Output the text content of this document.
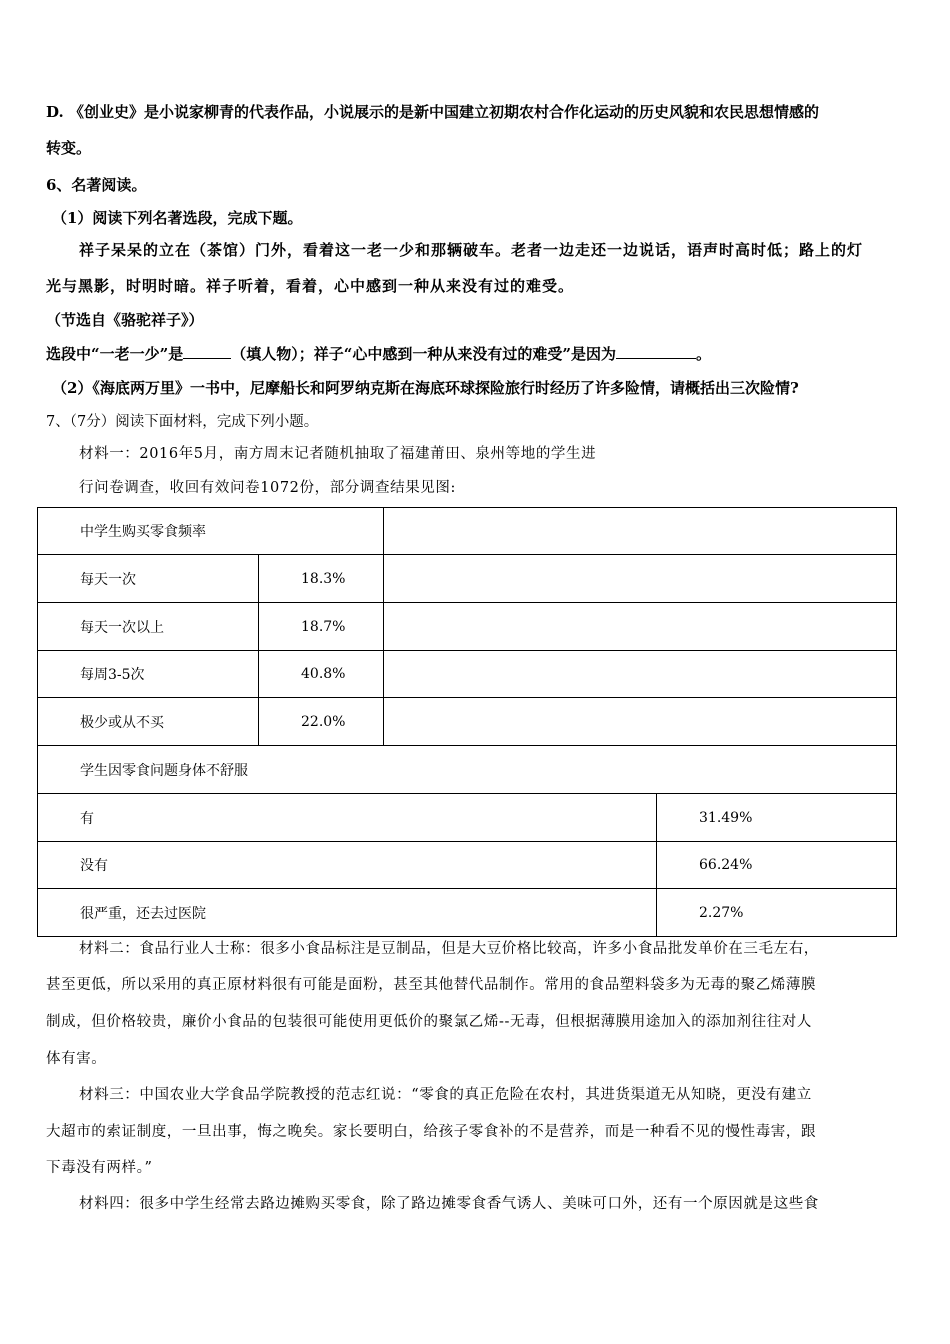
D. 《创业史》是小说家柳青的代表作品，小说展示的是新中国建立初期农村合作化运动的历史风貌和农民思想情感的
转变。
6、名著阅读。
（1）阅读下列名著选段，完成下题。
祥子呆呆的立在（茶馆）门外，看着这一老一少和那辆破车。老者一边走还一边说话，语声时高时低；路上的灯
光与黑影，时明时暗。祥子听着，看着，心中感到一种从来没有过的难受。
（节选自《骆驼祥子》）
选段中“一老一少”是	（填人物）；祥子“心中感到一种从来没有过的难受”是因为	。
（2）《海底两万里》一书中，尼摩船长和阿罗纳克斯在海底环球探险旅行时经历了许多险情，请概括出三次险情?
7、（7分）阅读下面材料，完成下列小题。
材料一：2016年5月，南方周末记者随机抽取了福建莆田、泉州等地的学生进
行问卷调查，收回有效问卷1072份，部分调查结果见图:
中学生购买零食频率		
每天一次	18.3%	
每天一次以上	18.7%	
每周3-5次	40.8%	
极少或从不买	22.0%	
学生因零食问题身体不舒服	
有	31.49%
没有	66.24%
很严重，还去过医院	2.27%
材料二：食品行业人士称：很多小食品标注是豆制品，但是大豆价格比较高，许多小食品批发单价在三毛左右，
甚至更低，所以采用的真正原材料很有可能是面粉，甚至其他替代品制作。常用的食品塑料袋多为无毒的聚乙烯薄膜
制成，但价格较贵，廉价小食品的包装很可能使用更低价的聚氯乙烯--无毒，但根据薄膜用途加入的添加剂往往对人
体有害。
材料三：中国农业大学食品学院教授的范志红说：“零食的真正危险在农村，其进货渠道无从知晓，更没有建立
大超市的索证制度，一旦出事，悔之晚矣。家长要明白，给孩子零食补的不是营养，而是一种看不见的慢性毒害，跟
下毒没有两样。”
材料四：很多中学生经常去路边摊购买零食，除了路边摊零食香气诱人、美味可口外，还有一个原因就是这些食
